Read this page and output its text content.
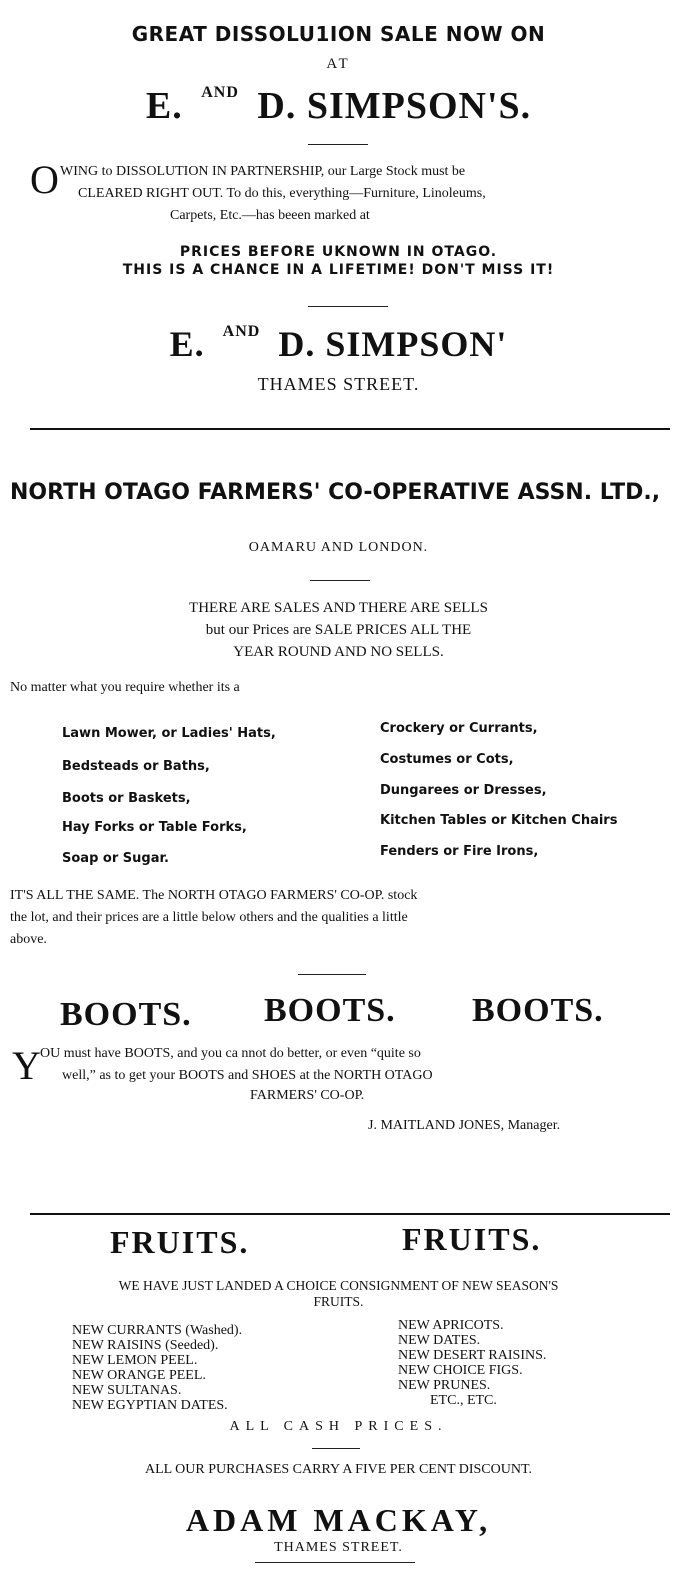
GREAT DISSOLU1ION SALE NOW ON
AT
E. $^{AND}$ D. SIMPSON'S.
O WING to DISSOLUTION IN PARTNERSHIP, our Large Stock must be
CLEARED RIGHT OUT. To do this, everything—Furniture, Linoleums,
Carpets, Etc.—has beeen marked at
PRICES BEFORE UKNOWN IN OTAGO.
THIS IS A CHANCE IN A LIFETIME! DON'T MISS IT!
E. $^{AND}$ D. SIMPSON'
THAMES STREET.
NORTH OTAGO FARMERS' CO-OPERATIVE ASSN. LTD.,
OAMARU AND LONDON.
THERE ARE SALES AND THERE ARE SELLS
but our Prices are SALE PRICES ALL THE
YEAR ROUND AND NO SELLS.
No matter what you require whether its a
Lawn Mower, or Ladies' Hats,
Bedsteads or Baths,
Boots or Baskets,
Hay Forks or Table Forks,
Soap or Sugar.
Crockery or Currants,
Costumes or Cots,
Dungarees or Dresses,
Kitchen Tables or Kitchen Chairs
Fenders or Fire Irons,
IT'S ALL THE SAME. The NORTH OTAGO FARMERS' CO-OP. stock
the lot, and their prices are a little below others and the qualities a little
above.
BOOTS. BOOTS. BOOTS.
Y OU must have BOOTS, and you ca nnot do better, or even “quite so
well,” as to get your BOOTS and SHOES at the NORTH OTAGO
FARMERS' CO-OP.
J. MAITLAND JONES, Manager.
FRUITS.	FRUITS.
WE HAVE JUST LANDED A CHOICE CONSIGNMENT OF NEW SEASON'S
FRUITS.
NEW CURRANTS (Washed).
NEW RAISINS (Seeded).
NEW LEMON PEEL.
NEW ORANGE PEEL.
NEW SULTANAS.
NEW EGYPTIAN DATES.
NEW APRICOTS.
NEW DATES.
NEW DESERT RAISINS.
NEW CHOICE FIGS.
NEW PRUNES.
ETC., ETC.
ALL CASH PRICES.
ALL OUR PURCHASES CARRY A FIVE PER CENT DISCOUNT.
ADAM MACKAY,
THAMES STREET.
